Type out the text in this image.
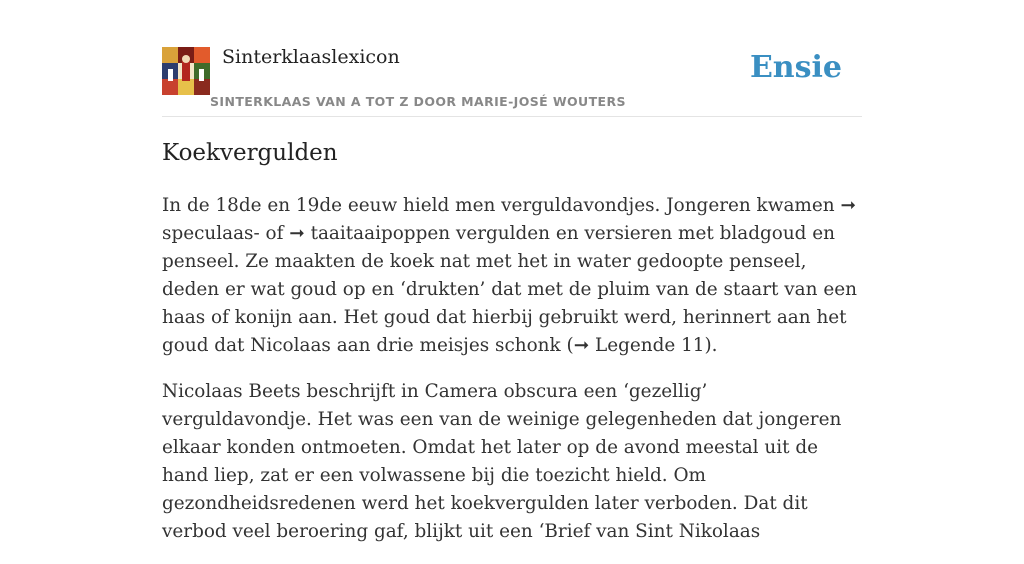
Sinterklaaslexicon
SINTERKLAAS VAN A TOT Z DOOR MARIE-JOSÉ WOUTERS
Ensie
Koekvergulden

In de 18de en 19de eeuw hield men verguldavondjes. Jongeren kwamen ➞ speculaas- of ➞ taaitaaipoppen vergulden en versieren met bladgoud en penseel. Ze maakten de koek nat met het in water gedoopte penseel, deden er wat goud op en ‘drukten’ dat met de pluim van de staart van een haas of konijn aan. Het goud dat hierbij gebruikt werd, herinnert aan het goud dat Nicolaas aan drie meisjes schonk (➞ Legende 11).

Nicolaas Beets beschrijft in Camera obscura een ‘gezellig’ verguldavondje. Het was een van de weinige gelegenheden dat jongeren elkaar konden ontmoeten. Omdat het later op de avond meestal uit de hand liep, zat er een volwassene bij die toezicht hield. Om gezondheidsredenen werd het koekvergulden later verboden. Dat dit verbod veel beroering gaf, blijkt uit een ‘Brief van Sint Nikolaas
